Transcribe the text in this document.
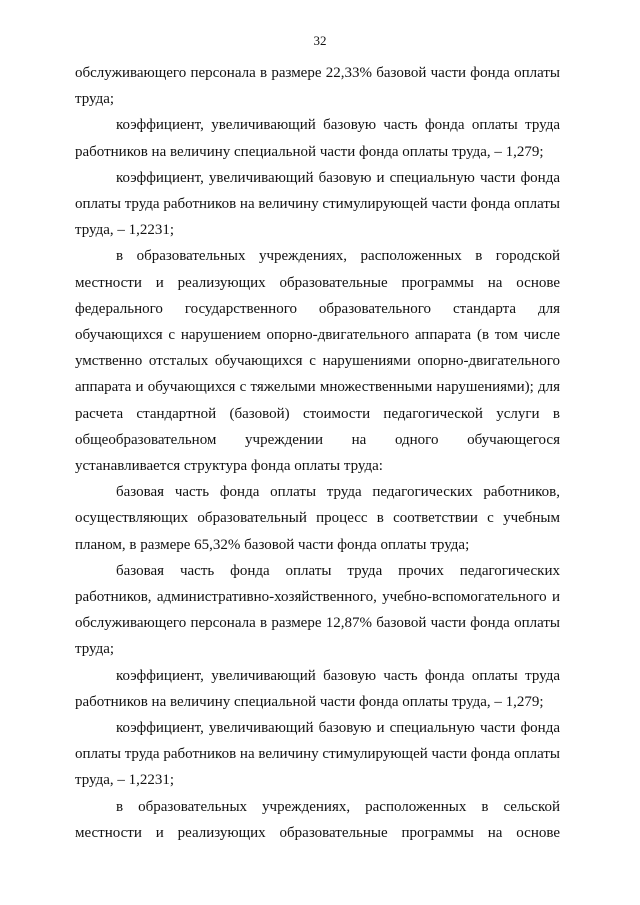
32

обслуживающего персонала в размере 22,33% базовой части фонда оплаты труда;

коэффициент, увеличивающий базовую часть фонда оплаты труда работников на величину специальной части фонда оплаты труда, – 1,279;

коэффициент, увеличивающий базовую и специальную части фонда оплаты труда работников на величину стимулирующей части фонда оплаты труда, – 1,2231;

в образовательных учреждениях, расположенных в городской местности и реализующих образовательные программы на основе федерального государственного образовательного стандарта для обучающихся с нарушением опорно-двигательного аппарата (в том числе умственно отсталых обучающихся с нарушениями опорно-двигательного аппарата и обучающихся с тяжелыми множественными нарушениями); для расчета стандартной (базовой) стоимости педагогической услуги в общеобразовательном учреждении на одного обучающегося устанавливается структура фонда оплаты труда:

базовая часть фонда оплаты труда педагогических работников, осуществляющих образовательный процесс в соответствии с учебным планом, в размере 65,32% базовой части фонда оплаты труда;

базовая часть фонда оплаты труда прочих педагогических работников, административно-хозяйственного, учебно-вспомогательного и обслуживающего персонала в размере 12,87% базовой части фонда оплаты труда;

коэффициент, увеличивающий базовую часть фонда оплаты труда работников на величину специальной части фонда оплаты труда, – 1,279;

коэффициент, увеличивающий базовую и специальную части фонда оплаты труда работников на величину стимулирующей части фонда оплаты труда, – 1,2231;

в образовательных учреждениях, расположенных в сельской местности и реализующих образовательные программы на основе
